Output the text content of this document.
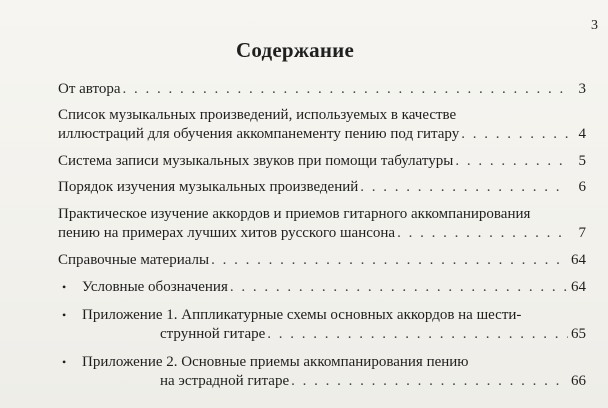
3
Содержание
От автора . . .	3
Список музыкальных произведений, используемых в качестве
иллюстраций для обучения аккомпанементу пению под гитару . . .	4
Система записи музыкальных звуков при помощи табулатуры . . .	5
Порядок изучения музыкальных произведений . . .	6
Практическое изучение аккордов и приемов гитарного аккомпанирования
пению на примерах лучших хитов русского шансона . . .	7
Справочные материалы . . .	64
• Условные обозначения . . .	64
• Приложение 1. Аппликатурные схемы основных аккордов на шести-
струнной гитаре . . .	65
• Приложение 2. Основные приемы аккомпанирования пению
на эстрадной гитаре . . .	66
